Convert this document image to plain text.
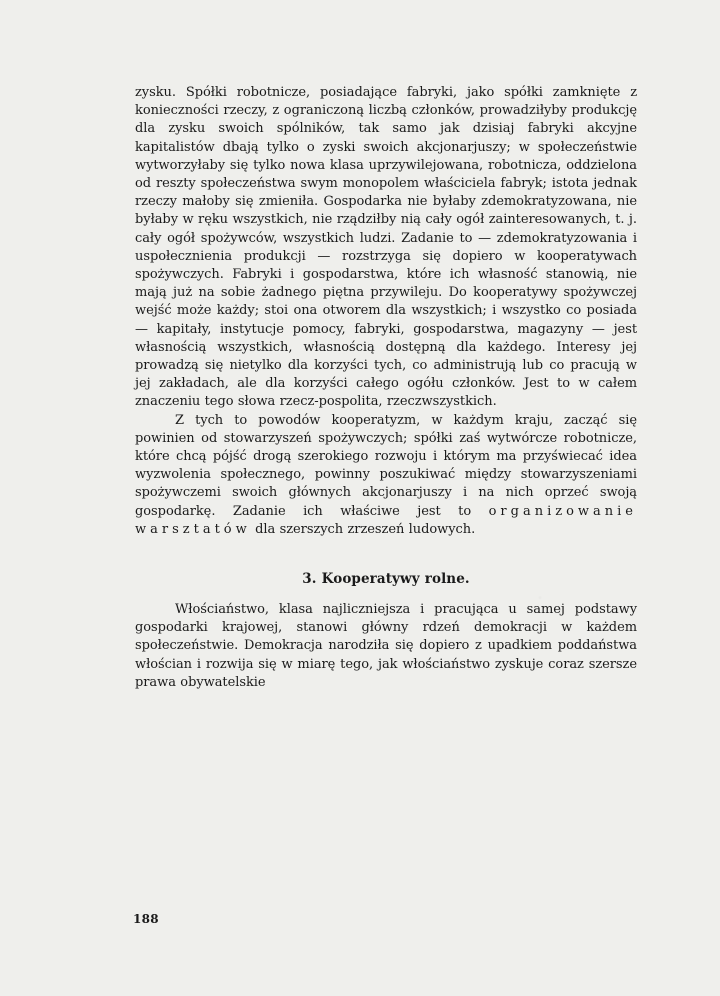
zysku. Spółki robotnicze, posiadające fabryki, jako spółki zamknięte z konieczności rzeczy, z ograniczoną liczbą członków, prowadziłyby produkcję dla zysku swoich spólników, tak samo jak dzisiaj fabryki akcyjne kapitalistów dbają tylko o zyski swoich akcjonarjuszy; w społeczeństwie wytworzyłaby się tylko nowa klasa uprzywilejowana, robotnicza, oddzielona od reszty społeczeństwa swym monopolem właściciela fabryk; istota jednak rzeczy małoby się zmieniła. Gospodarka nie byłaby zdemokratyzowana, nie byłaby w ręku wszystkich, nie rządziłby nią cały ogół zainteresowanych, t. j. cały ogół spożywców, wszystkich ludzi. Zadanie to — zdemokratyzowania i uspołecznienia produkcji — rozstrzyga się dopiero w kooperatywach spożywczych. Fabryki i gospodarstwa, które ich własność stanowią, nie mają już na sobie żadnego piętna przywileju. Do kooperatywy spożywczej wejść może każdy; stoi ona otworem dla wszystkich; i wszystko co posiada — kapitały, instytucje pomocy, fabryki, gospodarstwa, magazyny — jest własnością wszystkich, własnością dostępną dla każdego. Interesy jej prowadzą się nietylko dla korzyści tych, co administrują lub co pracują w jej zakładach, ale dla korzyści całego ogółu członków. Jest to w całem znaczeniu tego słowa rzecz-pospolita, rzeczwszystkich.

Z tych to powodów kooperatyzm, w każdym kraju, zacząć się powinien od stowarzyszeń spożywczych; spółki zaś wytwórcze robotnicze, które chcą pójść drogą szerokiego rozwoju i którym ma przyświecać idea wyzwolenia społecznego, powinny poszukiwać między stowarzyszeniami spożywczemi swoich głównych akcjonarjuszy i na nich oprzeć swoją gospodarkę. Zadanie ich właściwe jest to organizowanie warsztatów dla szerszych zrzeszeń ludowych.

3. Kooperatywy rolne.

Włościaństwo, klasa najliczniejsza i pracująca u samej podstawy gospodarki krajowej, stanowi główny rdzeń demokracji w każdem społeczeństwie. Demokracja narodziła się dopiero z upadkiem poddaństwa włościan i rozwija się w miarę tego, jak włościaństwo zyskuje coraz szersze prawa obywatelskie

188
